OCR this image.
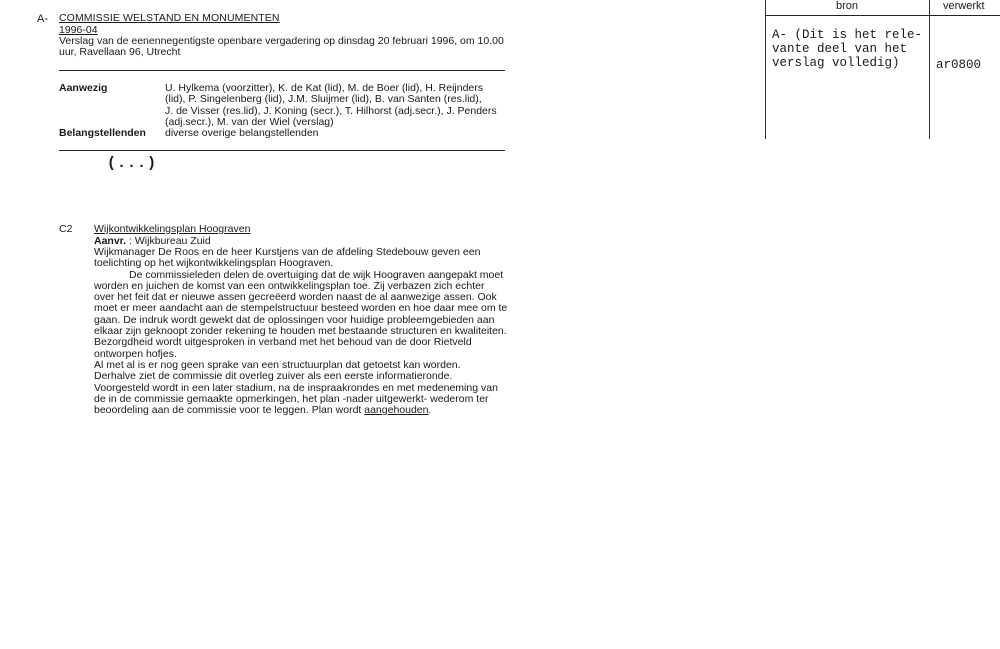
A- COMMISSIE WELSTAND EN MONUMENTEN
1996-04
Verslag van de eenennegentigste openbare vergadering op dinsdag 20 februari 1996, om 10.00
uur, Ravellaan 96, Utrecht
Aanwezig	U. Hylkema (voorzitter), K. de Kat (lid), M. de Boer (lid), H. Reijnders
(lid), P. Singelenberg (lid), J.M. Sluijmer (lid), B. van Santen (res.lid),
J. de Visser (res.lid), J. Koning (secr.), T. Hilhorst (adj.secr.), J. Penders
(adj.secr.), M. van der Wiel (verslag)
Belangstellenden diverse overige belangstellenden
(...)
C2 Wijkontwikkelingsplan Hoograven
Aanvr. : Wijkbureau Zuid
Wijkmanager De Roos en de heer Kurstjens van de afdeling Stedebouw geven een
toelichting op het wijkontwikkelingsplan Hoograven.
De commissieleden delen de overtuiging dat de wijk Hoograven aangepakt moet
worden en juichen de komst van een ontwikkelingsplan toe. Zij verbazen zich echter
over het feit dat er nieuwe assen gecreëerd worden naast de al aanwezige assen. Ook
moet er meer aandacht aan de stempelstructuur besteed worden en hoe daar mee om te
gaan. De indruk wordt gewekt dat de oplossingen voor huidige probleemgebieden aan
elkaar zijn geknoopt zonder rekening te houden met bestaande structuren en kwaliteiten.
Bezorgdheid wordt uitgesproken in verband met het behoud van de door Rietveld
ontworpen hofjes.
Al met al is er nog geen sprake van een structuurplan dat getoetst kan worden.
Derhalve ziet de commissie dit overleg zuiver als een eerste informatieronde.
Voorgesteld wordt in een later stadium, na de inspraakrondes en met medeneming van
de in de commissie gemaakte opmerkingen, het plan -nader uitgewerkt- wederom ter
beoordeling aan de commissie voor te leggen. Plan wordt aangehouden.
bron	verwerkt
A- (Dit is het rele-
vante deel van het
verslag volledig)	ar0800
